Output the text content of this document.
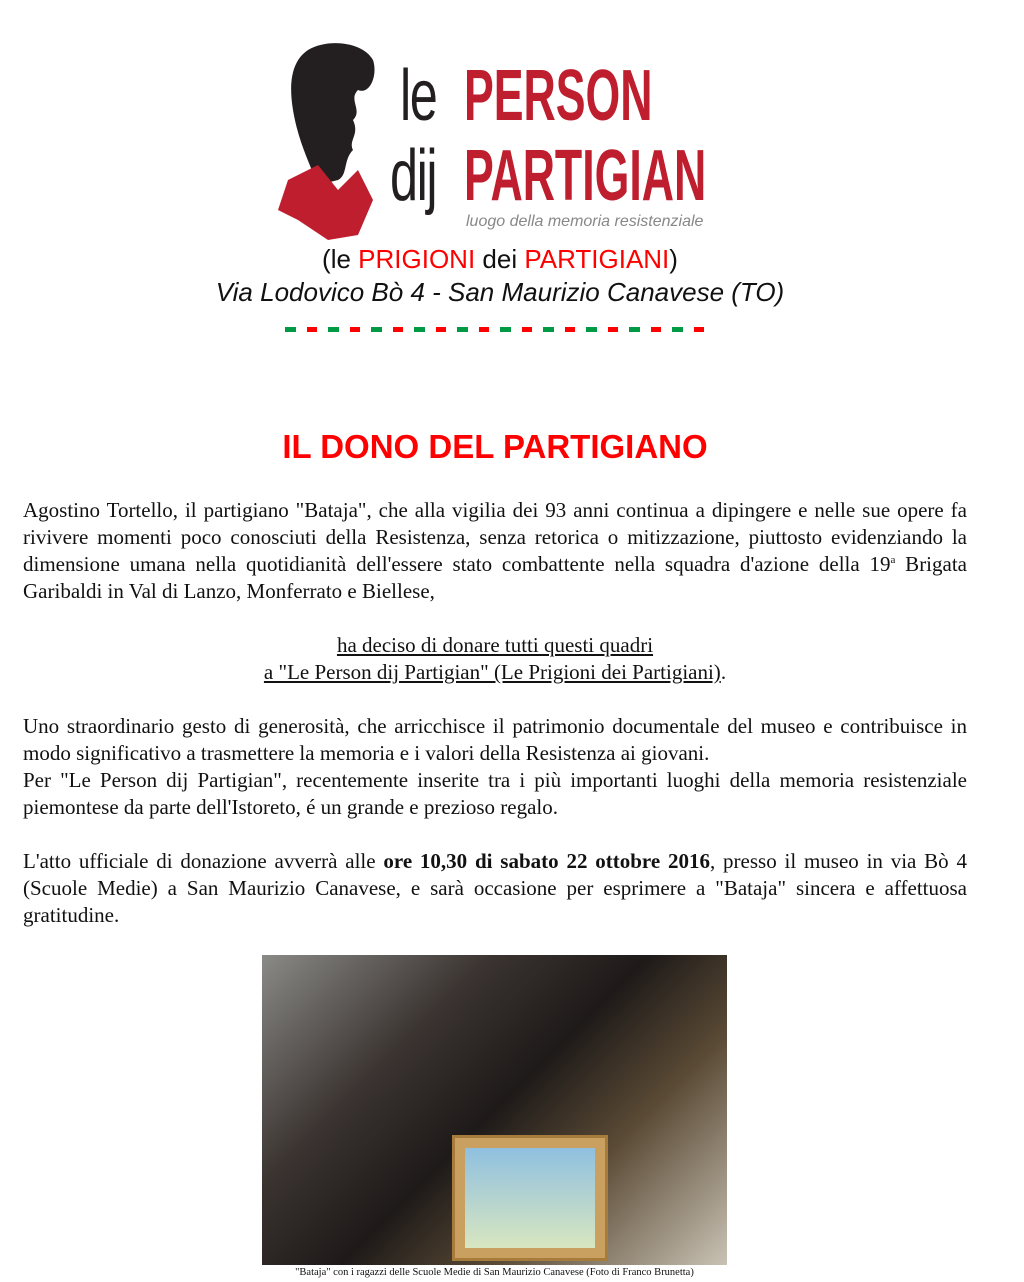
le
dij
PERSON
PARTIGIAN
luogo della memoria resistenziale
(le PRIGIONI dei PARTIGIANI)
Via Lodovico Bò 4 - San Maurizio Canavese (TO)
IL DONO DEL PARTIGIANO

Agostino Tortello, il partigiano "Bataja", che alla vigilia dei 93 anni continua a dipingere e nelle sue opere fa rivivere momenti poco conosciuti della Resistenza, senza retorica o mitizzazione, piuttosto evidenziando la dimensione umana nella quotidianità dell'essere stato combattente nella squadra d'azione della 19$^a$ Brigata Garibaldi in Val di Lanzo, Monferrato e Biellese,

ha deciso di donare tutti questi quadri
a "Le Person dij Partigian" (Le Prigioni dei Partigiani).

Uno straordinario gesto di generosità, che arricchisce il patrimonio documentale del museo e contribuisce in modo significativo a trasmettere la memoria e i valori della Resistenza ai giovani.

Per "Le Person dij Partigian", recentemente inserite tra i più importanti luoghi della memoria resistenziale piemontese da parte dell'Istoreto, é un grande e prezioso regalo.

L'atto ufficiale di donazione avverrà alle ore 10,30 di sabato 22 ottobre 2016, presso il museo in via Bò 4 (Scuole Medie) a San Maurizio Canavese, e sarà occasione per esprimere a "Bataja" sincera e affettuosa gratitudine.

"Bataja" con i ragazzi delle Scuole Medie di San Maurizio Canavese (Foto di Franco Brunetta)
